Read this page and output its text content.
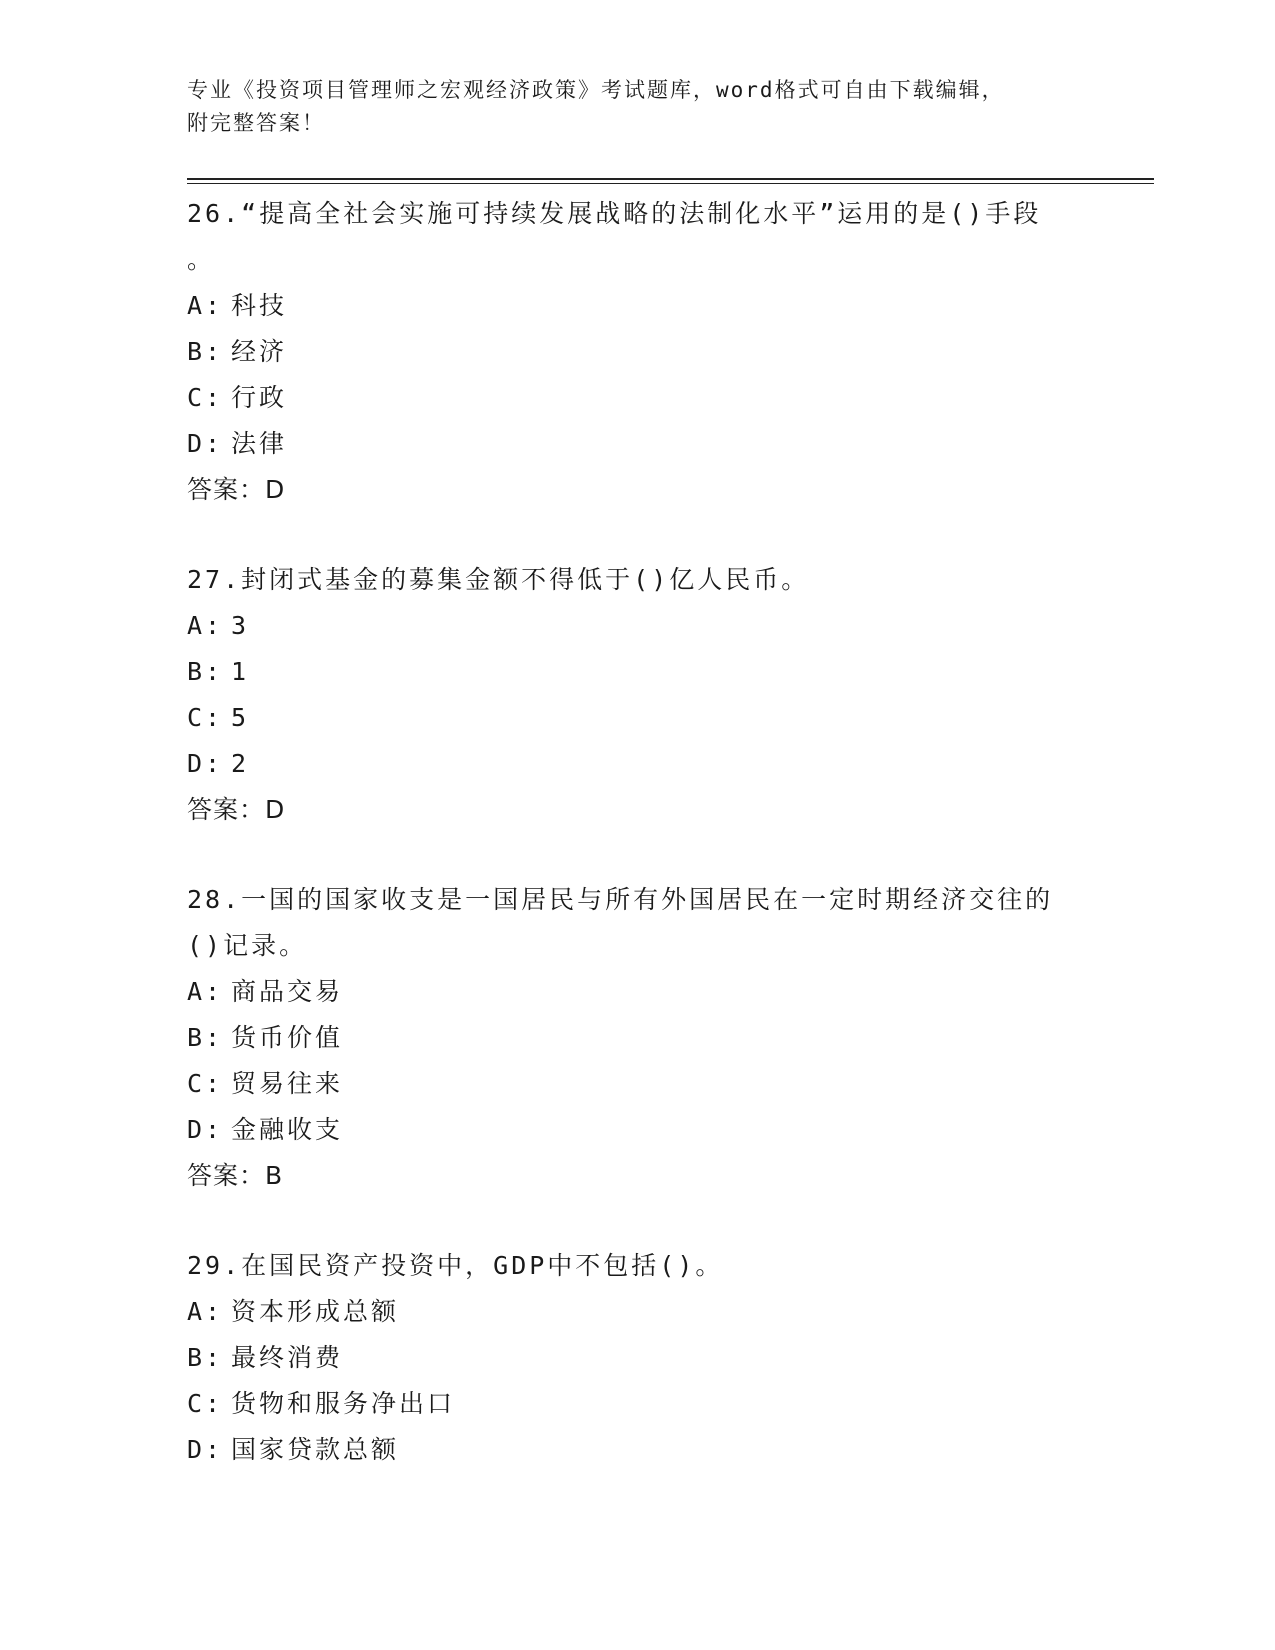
专业《投资项目管理师之宏观经济政策》考试题库，word格式可自由下载编辑，
附完整答案！

26.“提高全社会实施可持续发展战略的法制化水平”运用的是()手段

。

A: 科技

B: 经济

C: 行政

D: 法律

答案：D

27.封闭式基金的募集金额不得低于()亿人民币。

A: 3

B: 1

C: 5

D: 2

答案：D

28.一国的国家收支是一国居民与所有外国居民在一定时期经济交往的

()记录。

A: 商品交易

B: 货币价值

C: 贸易往来

D: 金融收支

答案：B

29.在国民资产投资中，GDP中不包括()。

A: 资本形成总额

B: 最终消费

C: 货物和服务净出口

D: 国家贷款总额
